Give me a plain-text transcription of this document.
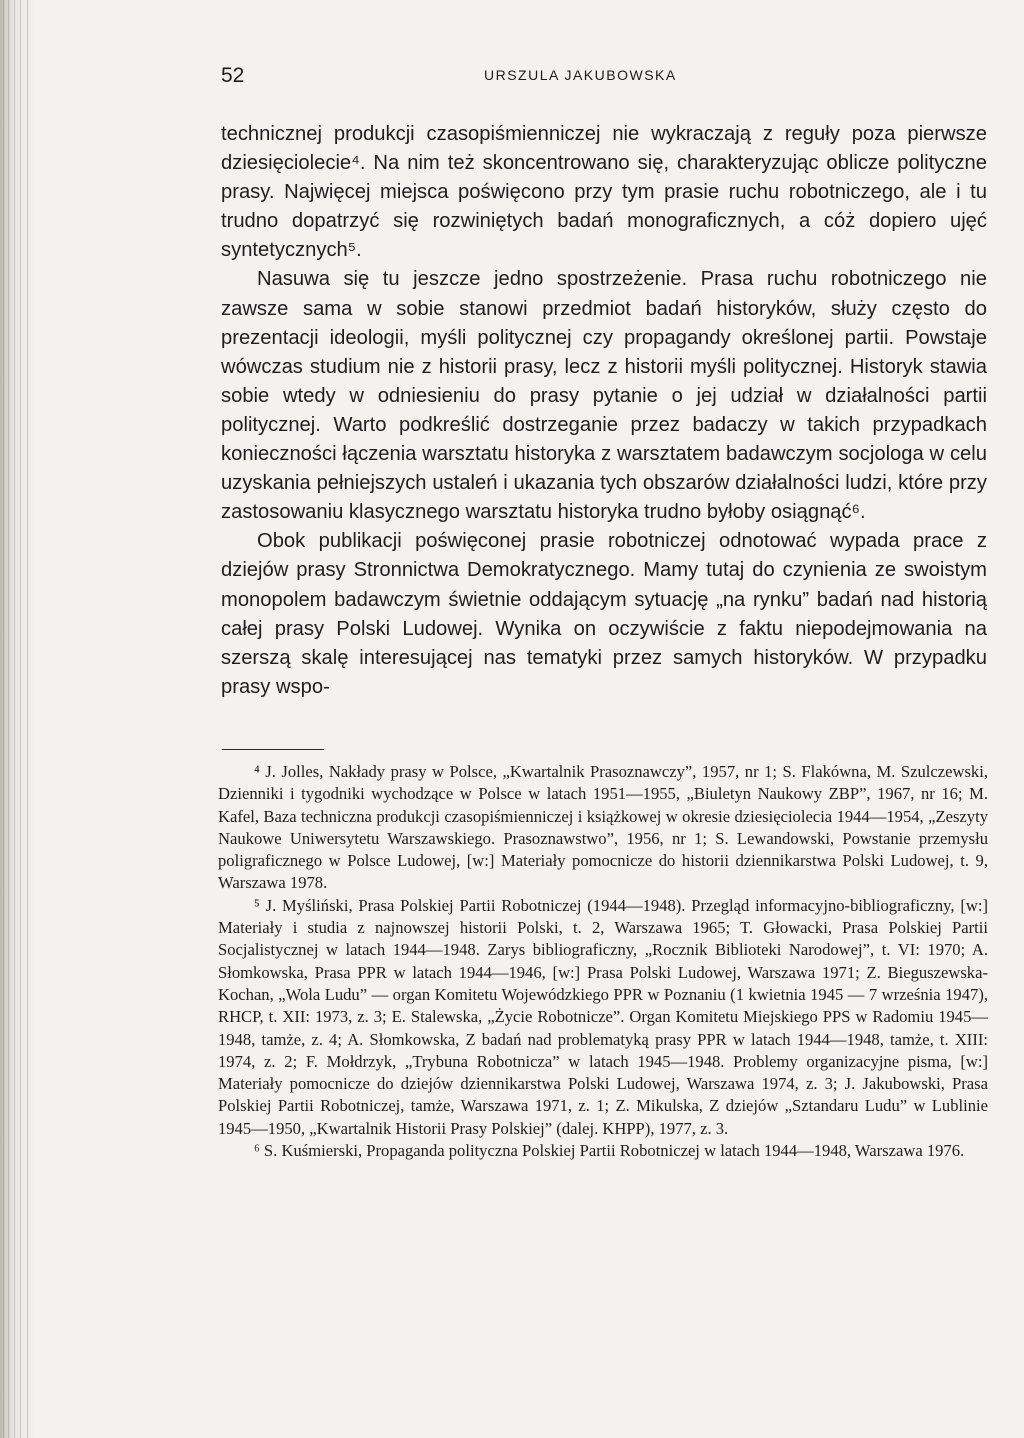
52	URSZULA JAKUBOWSKA

technicznej produkcji czasopiśmienniczej nie wykraczają z reguły poza pierwsze dziesięciolecie⁴. Na nim też skoncentrowano się, charakteryzując oblicze polityczne prasy. Najwięcej miejsca poświęcono przy tym prasie ruchu robotniczego, ale i tu trudno dopatrzyć się rozwiniętych badań monograficznych, a cóż dopiero ujęć syntetycznych⁵.

Nasuwa się tu jeszcze jedno spostrzeżenie. Prasa ruchu robotniczego nie zawsze sama w sobie stanowi przedmiot badań historyków, służy często do prezentacji ideologii, myśli politycznej czy propagandy określonej partii. Powstaje wówczas studium nie z historii prasy, lecz z historii myśli politycznej. Historyk stawia sobie wtedy w odniesieniu do prasy pytanie o jej udział w działalności partii politycznej. Warto podkreślić dostrzeganie przez badaczy w takich przypadkach konieczności łączenia warsztatu historyka z warsztatem badawczym socjologa w celu uzyskania pełniejszych ustaleń i ukazania tych obszarów działalności ludzi, które przy zastosowaniu klasycznego warsztatu historyka trudno byłoby osiągnąć⁶.

Obok publikacji poświęconej prasie robotniczej odnotować wypada prace z dziejów prasy Stronnictwa Demokratycznego. Mamy tutaj do czynienia ze swoistym monopolem badawczym świetnie oddającym sytuację „na rynku” badań nad historią całej prasy Polski Ludowej. Wynika on oczywiście z faktu niepodejmowania na szerszą skalę interesującej nas tematyki przez samych historyków. W przypadku prasy wspo-

⁴ J. Jolles, Nakłady prasy w Polsce, „Kwartalnik Prasoznawczy”, 1957, nr 1; S. Flakówna, M. Szulczewski, Dzienniki i tygodniki wychodzące w Polsce w latach 1951—1955, „Biuletyn Naukowy ZBP”, 1967, nr 16; M. Kafel, Baza techniczna produkcji czasopiśmienniczej i książkowej w okresie dziesięciolecia 1944—1954, „Zeszyty Naukowe Uniwersytetu Warszawskiego. Prasoznawstwo”, 1956, nr 1; S. Lewandowski, Powstanie przemysłu poligraficznego w Polsce Ludowej, [w:] Materiały pomocnicze do historii dziennikarstwa Polski Ludowej, t. 9, Warszawa 1978.

⁵ J. Myśliński, Prasa Polskiej Partii Robotniczej (1944—1948). Przegląd informacyjno-bibliograficzny, [w:] Materiały i studia z najnowszej historii Polski, t. 2, Warszawa 1965; T. Głowacki, Prasa Polskiej Partii Socjalistycznej w latach 1944—1948. Zarys bibliograficzny, „Rocznik Biblioteki Narodowej”, t. VI: 1970; A. Słomkowska, Prasa PPR w latach 1944—1946, [w:] Prasa Polski Ludowej, Warszawa 1971; Z. Bieguszewska-Kochan, „Wola Ludu” — organ Komitetu Wojewódzkiego PPR w Poznaniu (1 kwietnia 1945 — 7 września 1947), RHCP, t. XII: 1973, z. 3; E. Stalewska, „Życie Robotnicze”. Organ Komitetu Miejskiego PPS w Radomiu 1945—1948, tamże, z. 4; A. Słomkowska, Z badań nad problematyką prasy PPR w latach 1944—1948, tamże, t. XIII: 1974, z. 2; F. Mołdrzyk, „Trybuna Robotnicza” w latach 1945—1948. Problemy organizacyjne pisma, [w:] Materiały pomocnicze do dziejów dziennikarstwa Polski Ludowej, Warszawa 1974, z. 3; J. Jakubowski, Prasa Polskiej Partii Robotniczej, tamże, Warszawa 1971, z. 1; Z. Mikulska, Z dziejów „Sztandaru Ludu” w Lublinie 1945—1950, „Kwartalnik Historii Prasy Polskiej” (dalej. KHPP), 1977, z. 3.

⁶ S. Kuśmierski, Propaganda polityczna Polskiej Partii Robotniczej w latach 1944—1948, Warszawa 1976.
